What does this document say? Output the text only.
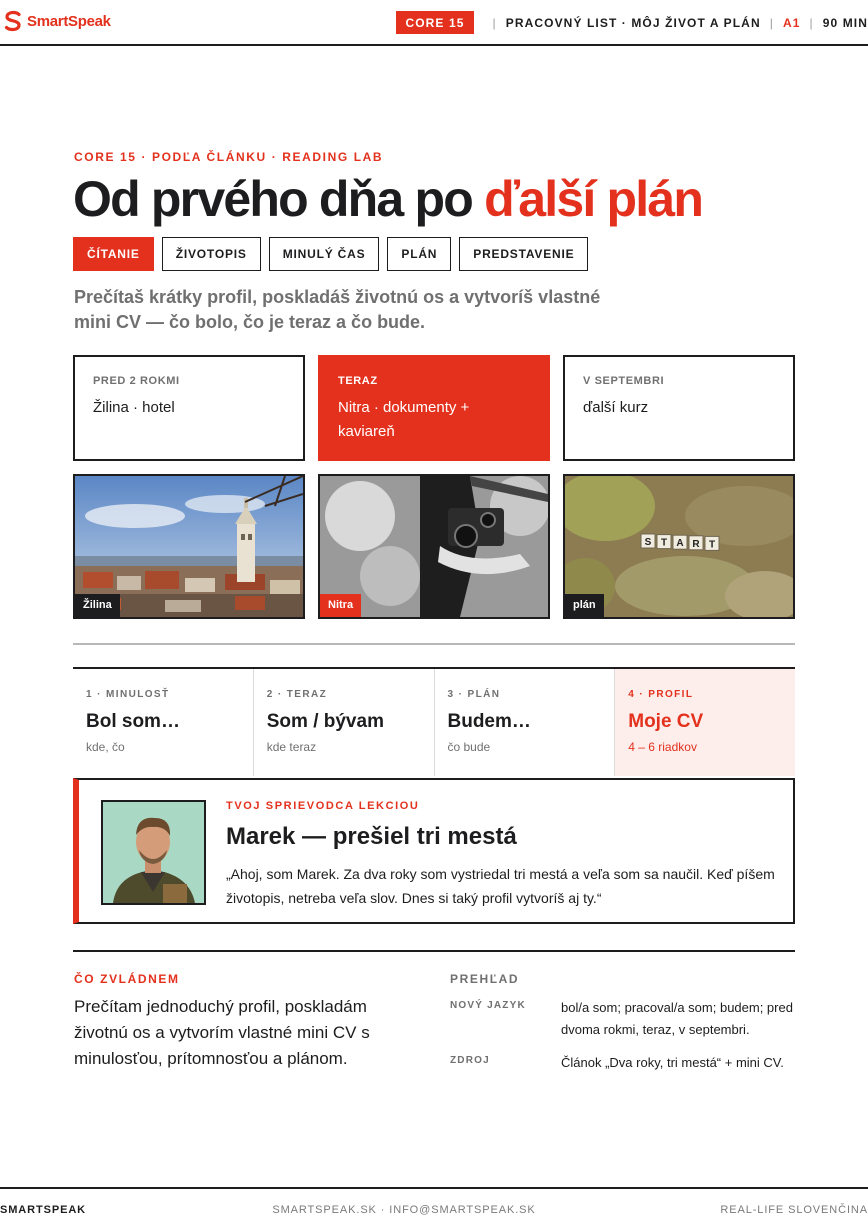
SmartSpeak	CORE 15	| PRACOVNÝ LIST · MÔJ ŽIVOT A PLÁN | A1 | 90 MIN
CORE 15 · PODĽA ČLÁNKU · READING LAB
Od prvého dňa po ďalší plán
ČÍTANIE	ŽIVOTOPIS	MINULÝ ČAS	PLÁN	PREDSTAVENIE

Prečítaš krátky profil, poskladáš životnú os a vytvoríš vlastné mini CV — čo bolo, čo je teraz a čo bude.

PRED 2 ROKMI
Žilina · hotel
TERAZ
Nitra · dokumenty + kaviareň
V SEPTEMBRI
ďalší kurz
Žilina	Nitra
S T A R T
plán
1 · MINULOSŤ
Bol som…
kde, čo
2 · TERAZ
Som / bývam
kde teraz
3 · PLÁN
Budem…
čo bude
4 · PROFIL
Moje CV
4 – 6 riadkov
TVOJ SPRIEVODCA LEKCIOU
Marek — prešiel tri mestá

„Ahoj, som Marek. Za dva roky som vystriedal tri mestá a veľa som sa naučil. Keď píšem životopis, netreba veľa slov. Dnes si taký profil vytvoríš aj ty.“

ČO ZVLÁDNEM

Prečítam jednoduchý profil, poskladám životnú os a vytvorím vlastné mini CV s minulosťou, prítomnosťou a plánom.

PREHĽAD
NOVÝ JAZYK	bol/a som; pracoval/a som; budem; pred dvoma rokmi, teraz, v septembri.
ZDROJ	Článok „Dva roky, tri mestá“ + mini CV.
SMARTSPEAK	SMARTSPEAK.SK · INFO@SMARTSPEAK.SK	REAL-LIFE SLOVENČINA
